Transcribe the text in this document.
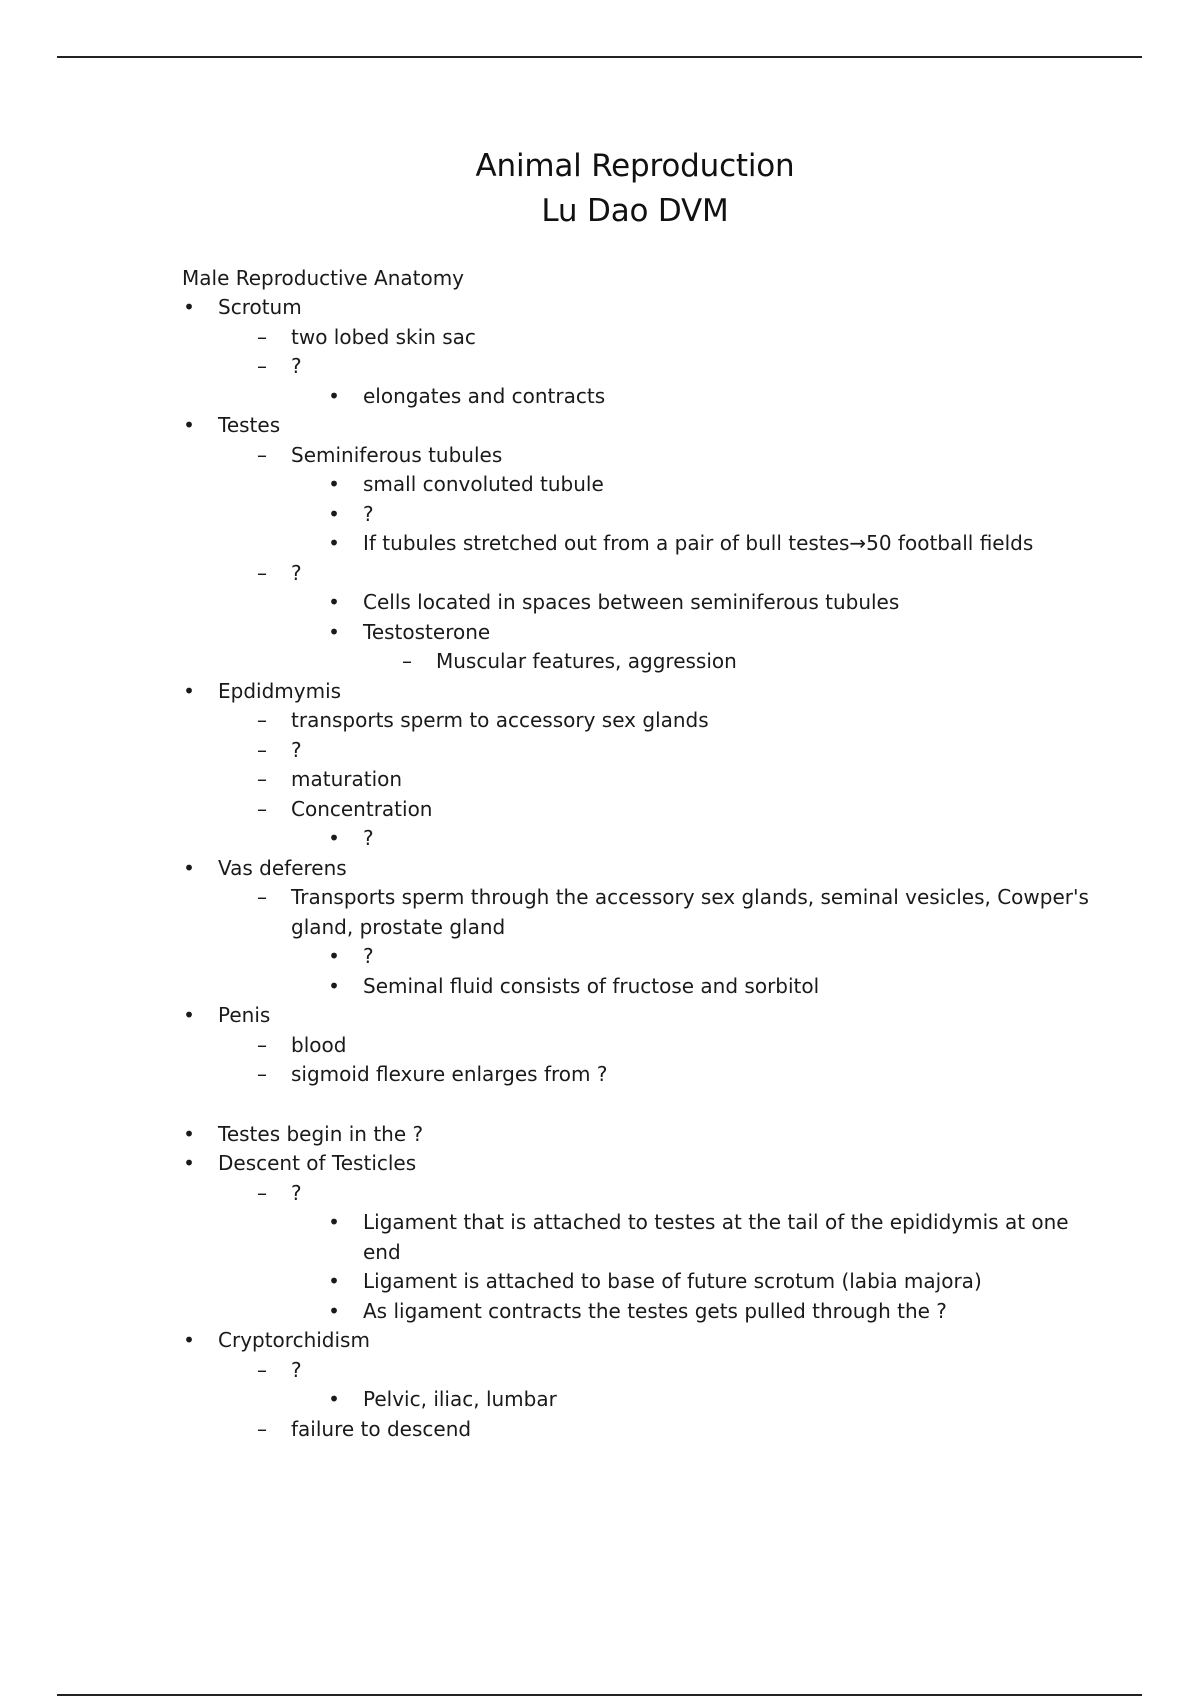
Animal Reproduction
Lu Dao DVM
Male Reproductive Anatomy
• Scrotum
– two lobed skin sac
– ?
• elongates and contracts
• Testes
– Seminiferous tubules
• small convoluted tubule
• ?
• If tubules stretched out from a pair of bull testes→50 football fields
– ?
• Cells located in spaces between seminiferous tubules
• Testosterone
– Muscular features, aggression
• Epdidmymis
– transports sperm to accessory sex glands
– ?
– maturation
– Concentration
• ?
• Vas deferens
– Transports sperm through the accessory sex glands, seminal vesicles, Cowper's gland, prostate gland
• ?
• Seminal fluid consists of fructose and sorbitol
• Penis
– blood
– sigmoid flexure enlarges from ?
• Testes begin in the ?
• Descent of Testicles
– ?
• Ligament that is attached to testes at the tail of the epididymis at one end
• Ligament is attached to base of future scrotum (labia majora)
• As ligament contracts the testes gets pulled through the ?
• Cryptorchidism
– ?
• Pelvic, iliac, lumbar
– failure to descend
